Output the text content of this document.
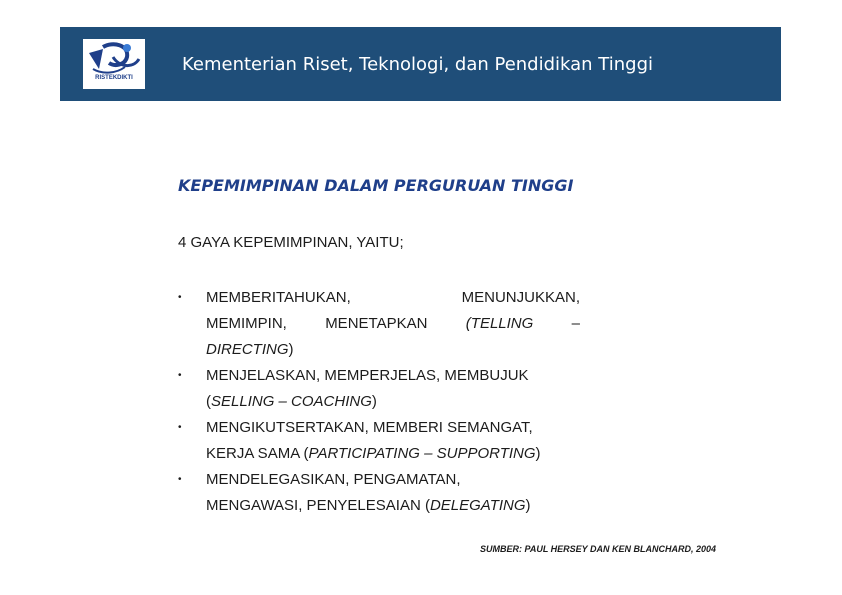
RISTEKDIKTI
Kementerian Riset, Teknologi, dan Pendidikan Tinggi
KEPEMIMPINAN DALAM PERGURUAN TINGGI
4 GAYA KEPEMIMPINAN, YAITU;
• MEMBERITAHUKAN,	MENUNJUKKAN,
MEMIMPIN,	MENETAPKAN	(TELLING	–
DIRECTING)
• MENJELASKAN, MEMPERJELAS, MEMBUJUK
(SELLING – COACHING)
• MENGIKUTSERTAKAN, MEMBERI SEMANGAT,
KERJA SAMA (PARTICIPATING – SUPPORTING)
• MENDELEGASIKAN, PENGAMATAN,
MENGAWASI, PENYELESAIAN (DELEGATING)
SUMBER: PAUL HERSEY DAN KEN BLANCHARD, 2004
